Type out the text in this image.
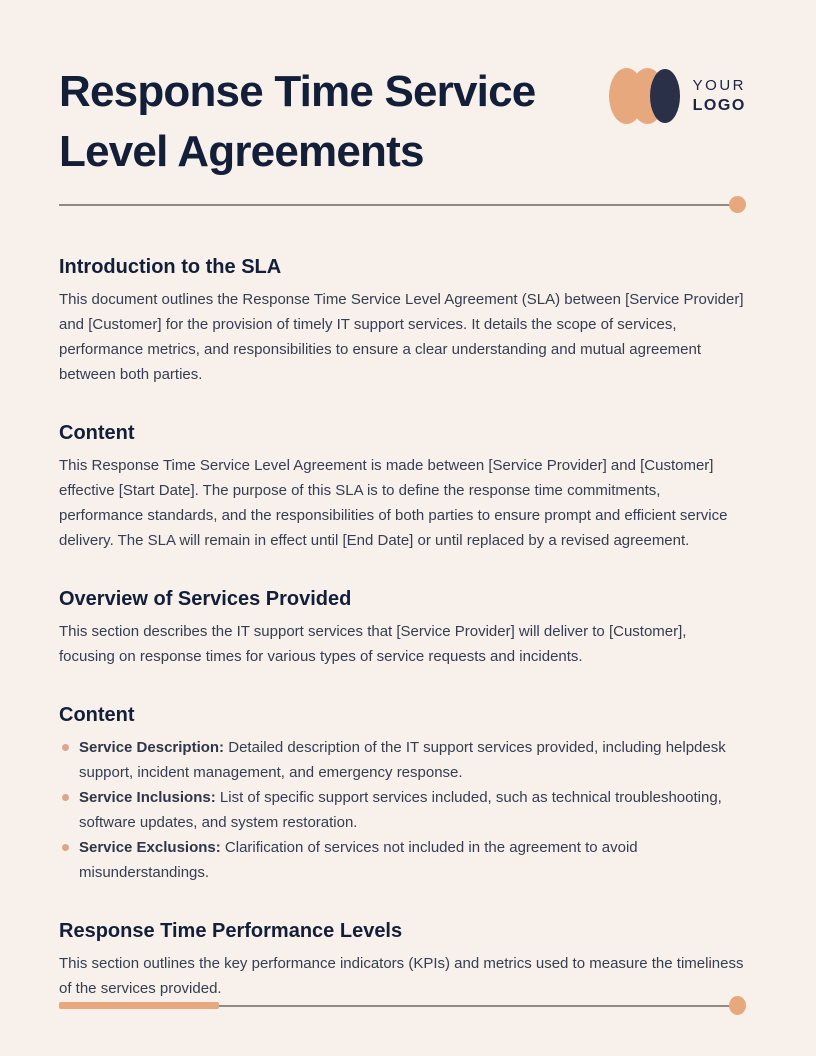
Response Time Service Level Agreements
YOUR
LOGO
Introduction to the SLA

This document outlines the Response Time Service Level Agreement (SLA) between [Service Provider] and [Customer] for the provision of timely IT support services. It details the scope of services, performance metrics, and responsibilities to ensure a clear understanding and mutual agreement between both parties.

Content

This Response Time Service Level Agreement is made between [Service Provider] and [Customer] effective [Start Date]. The purpose of this SLA is to define the response time commitments, performance standards, and the responsibilities of both parties to ensure prompt and efficient service delivery. The SLA will remain in effect until [End Date] or until replaced by a revised agreement.

Overview of Services Provided

This section describes the IT support services that [Service Provider] will deliver to [Customer], focusing on response times for various types of service requests and incidents.

Content
Service Description: Detailed description of the IT support services provided, including helpdesk support, incident management, and emergency response.
Service Inclusions: List of specific support services included, such as technical troubleshooting, software updates, and system restoration.
Service Exclusions: Clarification of services not included in the agreement to avoid misunderstandings.
Response Time Performance Levels

This section outlines the key performance indicators (KPIs) and metrics used to measure the timeliness of the services provided.
